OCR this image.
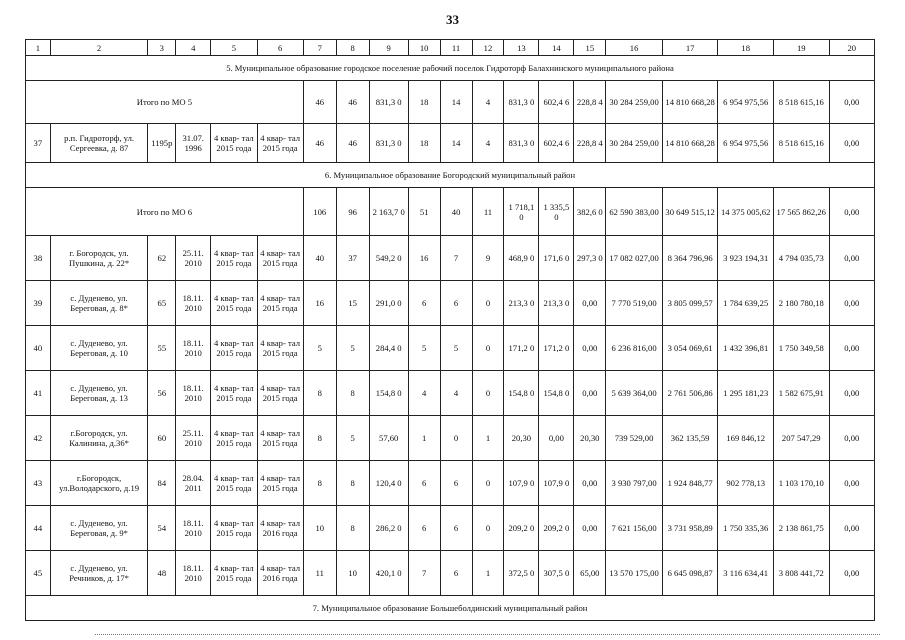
33
1	2	3	4	5	6	7	8	9	10	11	12	13	14	15	16	17	18	19	20
5. Муниципальное образование городское поселение рабочий поселок Гидроторф Балахнинского муниципального района																			
Итого по МО 5						46	46	831,3 0	18	14	4	831,3 0	602,4 6	228,8 4	30 284 259,00	14 810 668,28	6 954 975,56	8 518 615,16	0,00
37	р.п. Гидроторф, ул. Сергеевка, д. 87	1195р	31.07. 1996	4 квар- тал 2015 года	4 квар- тал 2015 года	46	46	831,3 0	18	14	4	831,3 0	602,4 6	228,8 4	30 284 259,00	14 810 668,28	6 954 975,56	8 518 615,16	0,00
6. Муниципальное образование Богородский муниципальный район																			
Итого по МО 6						106	96	2 163,7 0	51	40	11	1 718,1 0	1 335,5 0	382,6 0	62 590 383,00	30 649 515,12	14 375 005,62	17 565 862,26	0,00
38	г. Богородск, ул. Пушкина, д. 22*	62	25.11. 2010	4 квар- тал 2015 года	4 квар- тал 2015 года	40	37	549,2 0	16	7	9	468,9 0	171,6 0	297,3 0	17 082 027,00	8 364 796,96	3 923 194,31	4 794 035,73	0,00
39	с. Дуденево, ул. Береговая, д. 8*	65	18.11. 2010	4 квар- тал 2015 года	4 квар- тал 2015 года	16	15	291,0 0	6	6	0	213,3 0	213,3 0	0,00	7 770 519,00	3 805 099,57	1 784 639,25	2 180 780,18	0,00
40	с. Дуденево, ул. Береговая, д. 10	55	18.11. 2010	4 квар- тал 2015 года	4 квар- тал 2015 года	5	5	284,4 0	5	5	0	171,2 0	171,2 0	0,00	6 236 816,00	3 054 069,61	1 432 396,81	1 750 349,58	0,00
41	с. Дуденево, ул. Береговая, д. 13	56	18.11. 2010	4 квар- тал 2015 года	4 квар- тал 2015 года	8	8	154,8 0	4	4	0	154,8 0	154,8 0	0,00	5 639 364,00	2 761 506,86	1 295 181,23	1 582 675,91	0,00
42	г.Богородск, ул. Калинина, д.36*	60	25.11. 2010	4 квар- тал 2015 года	4 квар- тал 2015 года	8	5	57,60	1	0	1	20,30	0,00	20,30	739 529,00	362 135,59	169 846,12	207 547,29	0,00
43	г.Богородск, ул.Володарского, д.19	84	28.04. 2011	4 квар- тал 2015 года	4 квар- тал 2015 года	8	8	120,4 0	6	6	0	107,9 0	107,9 0	0,00	3 930 797,00	1 924 848,77	902 778,13	1 103 170,10	0,00
44	с. Дуденево, ул. Береговая, д. 9*	54	18.11. 2010	4 квар- тал 2015 года	4 квар- тал 2016 года	10	8	286,2 0	6	6	0	209,2 0	209,2 0	0,00	7 621 156,00	3 731 958,89	1 750 335,36	2 138 861,75	0,00
45	с. Дуденево, ул. Речников, д. 17*	48	18.11. 2010	4 квар- тал 2015 года	4 квар- тал 2016 года	11	10	420,1 0	7	6	1	372,5 0	307,5 0	65,00	13 570 175,00	6 645 098,87	3 116 634,41	3 808 441,72	0,00
7. Муниципальное образование Большеболдинский муниципальный район																			
